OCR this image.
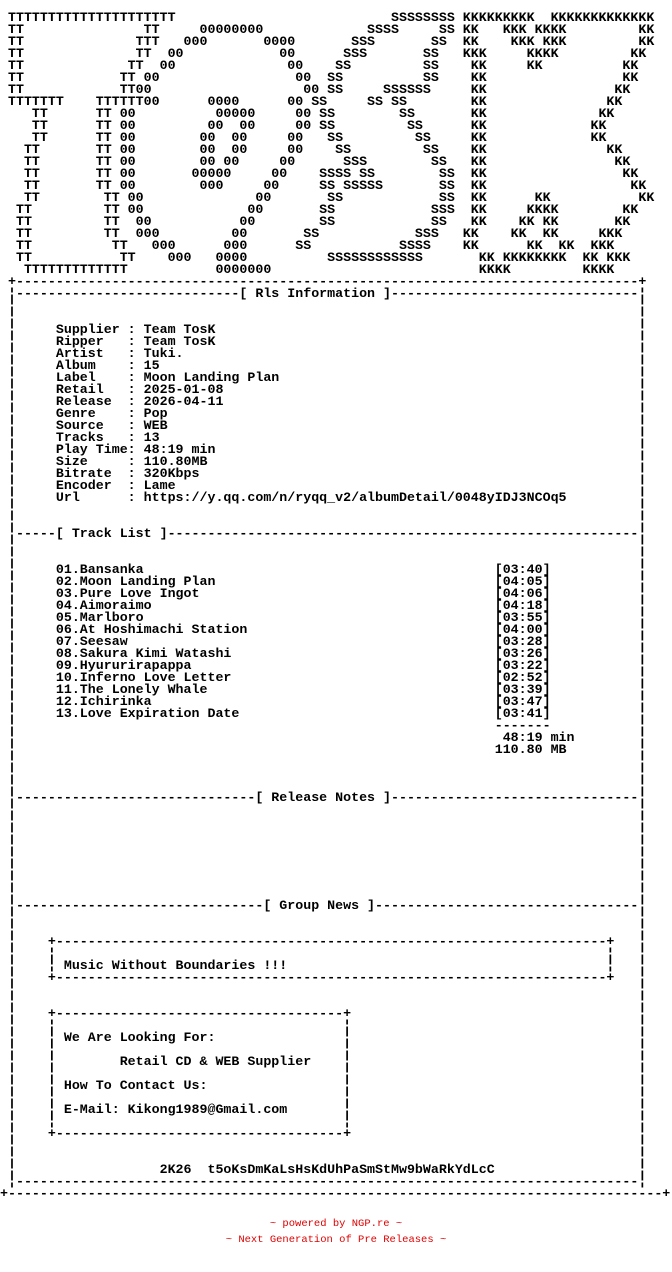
TTTTTTTTTTTTTTTTTTTTT                           SSSSSSSS KKKKKKKKK  KKKKKKKKKKKKK
TT               TT     00000000             SSSS     SS KK   KKK KKKK         KK
TT              TTT   000       0000       SSS       SS  KK    KKK KKK         KK
TT              TT  00            00      SSS       SS   KKK     KKKK         KK
TT             TT  00              00    SS         SS    KK     KK          KK
TT            TT 00                 00  SS          SS    KK                 KK
TT            TT00                   00 SS     SSSSSS     KK                KK
TTTTTTT    TTTTTT00      0000      00 SS     SS SS        KK               KK
TT      TT 00          00000     00 SS        SS       KK              KK
TT      TT 00         00  00     00 SS         SS      KK             KK
TT      TT 00        00  00     00   SS         SS     KK             KK
TT       TT 00        00  00     00    SS         SS    KK               KK
TT       TT 00        00 00     00      SSS        SS   KK                KK
TT       TT 00       00000     00    SSSS SS        SS  KK                 KK
TT       TT 00        000     00     SS SSSSS       SS  KK                  KK
TT        TT 00              00       SS            SS  KK      KK           KK
TT         TT 00             00       SS            SSS  KK     KKKK        KK
TT         TT  00           00        SS            SS   KK    KK KK       KK
TT         TT  000         00       SS            SSS   KK    KK  KK     KKK
TT          TT   000      000      SS           SSSS    KK      KK  KK  KKK
TT           TT    000   0000          SSSSSSSSSSSS       KK KKKKKKKK  KK KKK
TTTTTTTTTTTTT           0000000                          KKKK         KKKK
+------------------------------------------------------------------------------+
¦----------------------------[ Rls Information ]-------------------------------¦
¦                                                                              ¦
¦                                                                              ¦
¦     Supplier : Team TosK                                                     ¦
¦     Ripper   : Team TosK                                                     ¦
¦     Artist   : Tuki.                                                         ¦
¦     Album    : 15                                                            ¦
¦     Label    : Moon Landing Plan                                             ¦
¦     Retail   : 2025-01-08                                                    ¦
¦     Release  : 2026-04-11                                                    ¦
¦     Genre    : Pop                                                           ¦
¦     Source   : WEB                                                           ¦
¦     Tracks   : 13                                                            ¦
¦     Play Time: 48:19 min                                                     ¦
¦     Size     : 110.80MB                                                      ¦
¦     Bitrate  : 320Kbps                                                       ¦
¦     Encoder  : Lame                                                          ¦
¦     Url      : https://y.qq.com/n/ryqq_v2/albumDetail/0048yIDJ3NCOq5         ¦
¦                                                                              ¦
¦                                                                              ¦
¦-----[ Track List ]-----------------------------------------------------------¦
¦                                                                              ¦
¦                                                                              ¦
¦     01.Bansanka                                            [03:40]           ¦
¦     02.Moon Landing Plan                                   [04:05]           ¦
¦     03.Pure Love Ingot                                     [04:06]           ¦
¦     04.Aimoraimo                                           [04:18]           ¦
¦     05.Marlboro                                            [03:55]           ¦
¦     06.At Hoshimachi Station                               [04:00]           ¦
¦     07.Seesaw                                              [03:28]           ¦
¦     08.Sakura Kimi Watashi                                 [03:26]           ¦
¦     09.Hyururirapappa                                      [03:22]           ¦
¦     10.Inferno Love Letter                                 [02:52]           ¦
¦     11.The Lonely Whale                                    [03:39]           ¦
¦     12.Ichirinka                                           [03:47]           ¦
¦     13.Love Expiration Date                                [03:41]           ¦
¦                                                            -------           ¦
¦                                                             48:19 min        ¦
¦                                                            110.80 MB         ¦
¦                                                                              ¦
¦                                                                              ¦
¦                                                                              ¦
¦------------------------------[ Release Notes ]-------------------------------¦
¦                                                                              ¦
¦                                                                              ¦
¦                                                                              ¦
¦                                                                              ¦
¦                                                                              ¦
¦                                                                              ¦
¦                                                                              ¦
¦                                                                              ¦
¦-------------------------------[ Group News ]---------------------------------¦
¦                                                                              ¦
¦                                                                              ¦
¦    +---------------------------------------------------------------------+   ¦
¦    ¦                                                                     ¦   ¦
¦    ¦ Music Without Boundaries !!!                                        ¦   ¦
¦    +---------------------------------------------------------------------+   ¦
¦                                                                              ¦
¦                                                                              ¦
¦    +------------------------------------+                                    ¦
¦    ¦                                    ¦                                    ¦
¦    ¦ We Are Looking For:                ¦                                    ¦
¦    ¦                                    ¦                                    ¦
¦    ¦        Retail CD & WEB Supplier    ¦                                    ¦
¦    ¦                                    ¦                                    ¦
¦    ¦ How To Contact Us:                 ¦                                    ¦
¦    ¦                                    ¦                                    ¦
¦    ¦ E-Mail: Kikong1989@Gmail.com       ¦                                    ¦
¦    ¦                                    ¦                                    ¦
¦    +------------------------------------+                                    ¦
¦                                                                              ¦
¦                                                                              ¦
¦                  2K26  t5oKsDmKaLsHsKdUhPaSmStMw9bWaRkYdLcC                  ¦
¦------------------------------------------------------------------------------¦
+----------------------------------------------------------------------------------+

~ powered by NGP.re ~
~ Next Generation of Pre Releases ~
